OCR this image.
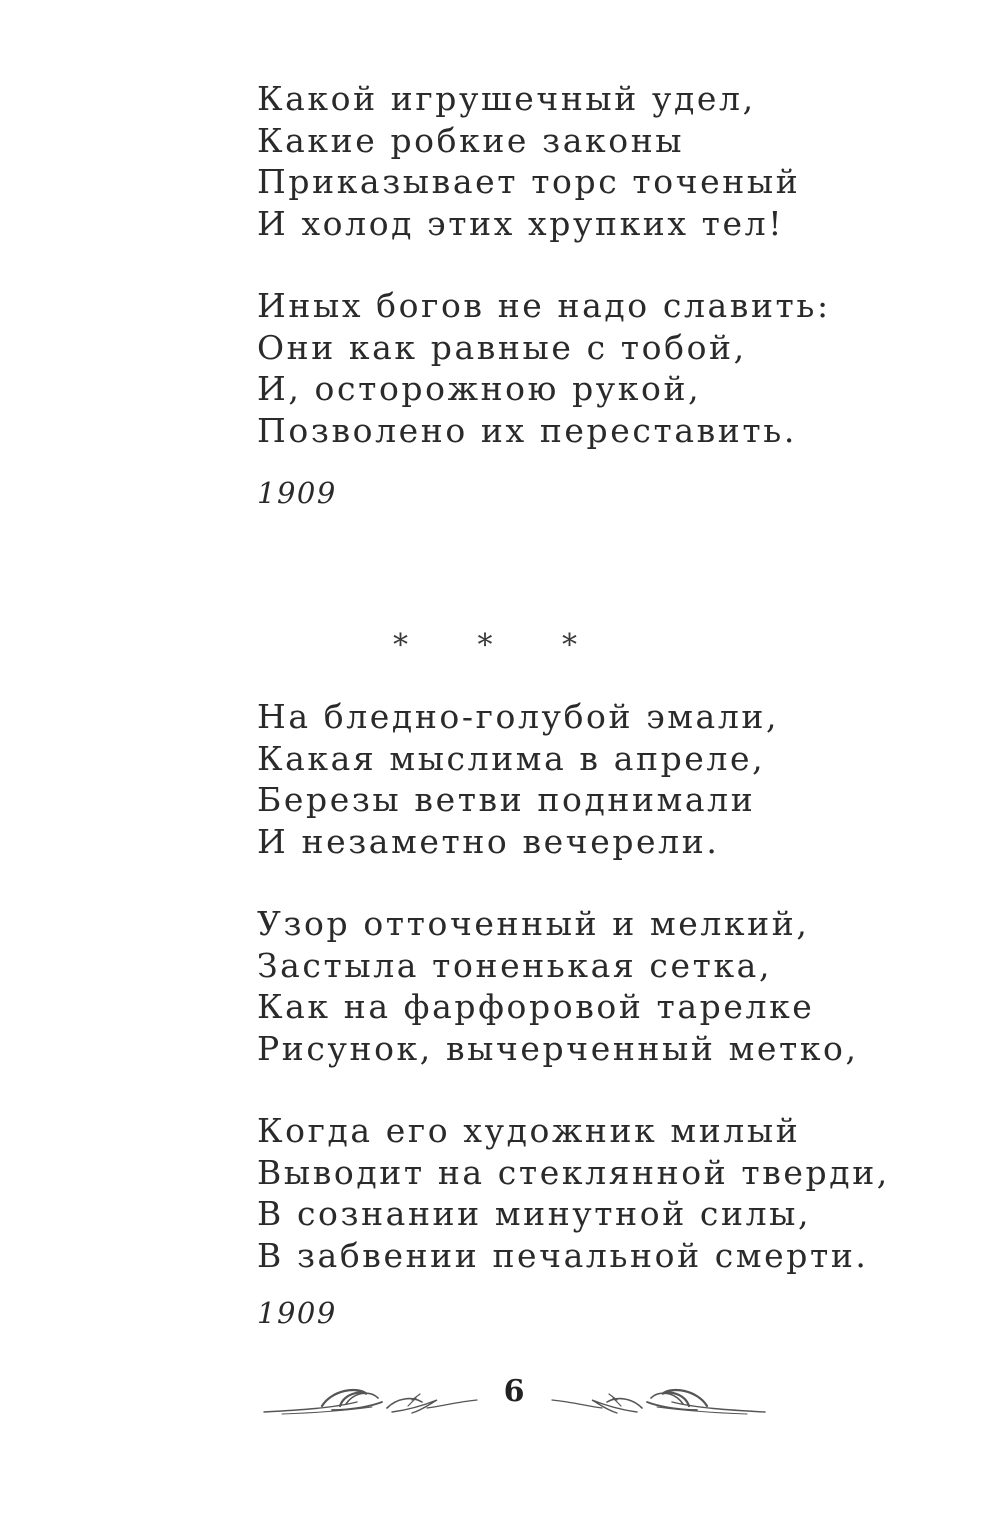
Какой игрушечный удел,
Какие робкие законы
Приказывает торс точеный
И холод этих хрупких тел!
Иных богов не надо славить:
Они как равные с тобой,
И, осторожною рукой,
Позволено их переставить.
1909
* * *
На бледно-голубой эмали,
Какая мыслима в апреле,
Березы ветви поднимали
И незаметно вечерели.
Узор отточенный и мелкий,
Застыла тоненькая сетка,
Как на фарфоровой тарелке
Рисунок, вычерченный метко,
Когда его художник милый
Выводит на стеклянной тверди,
В сознании минутной силы,
В забвении печальной смерти.
1909
6
